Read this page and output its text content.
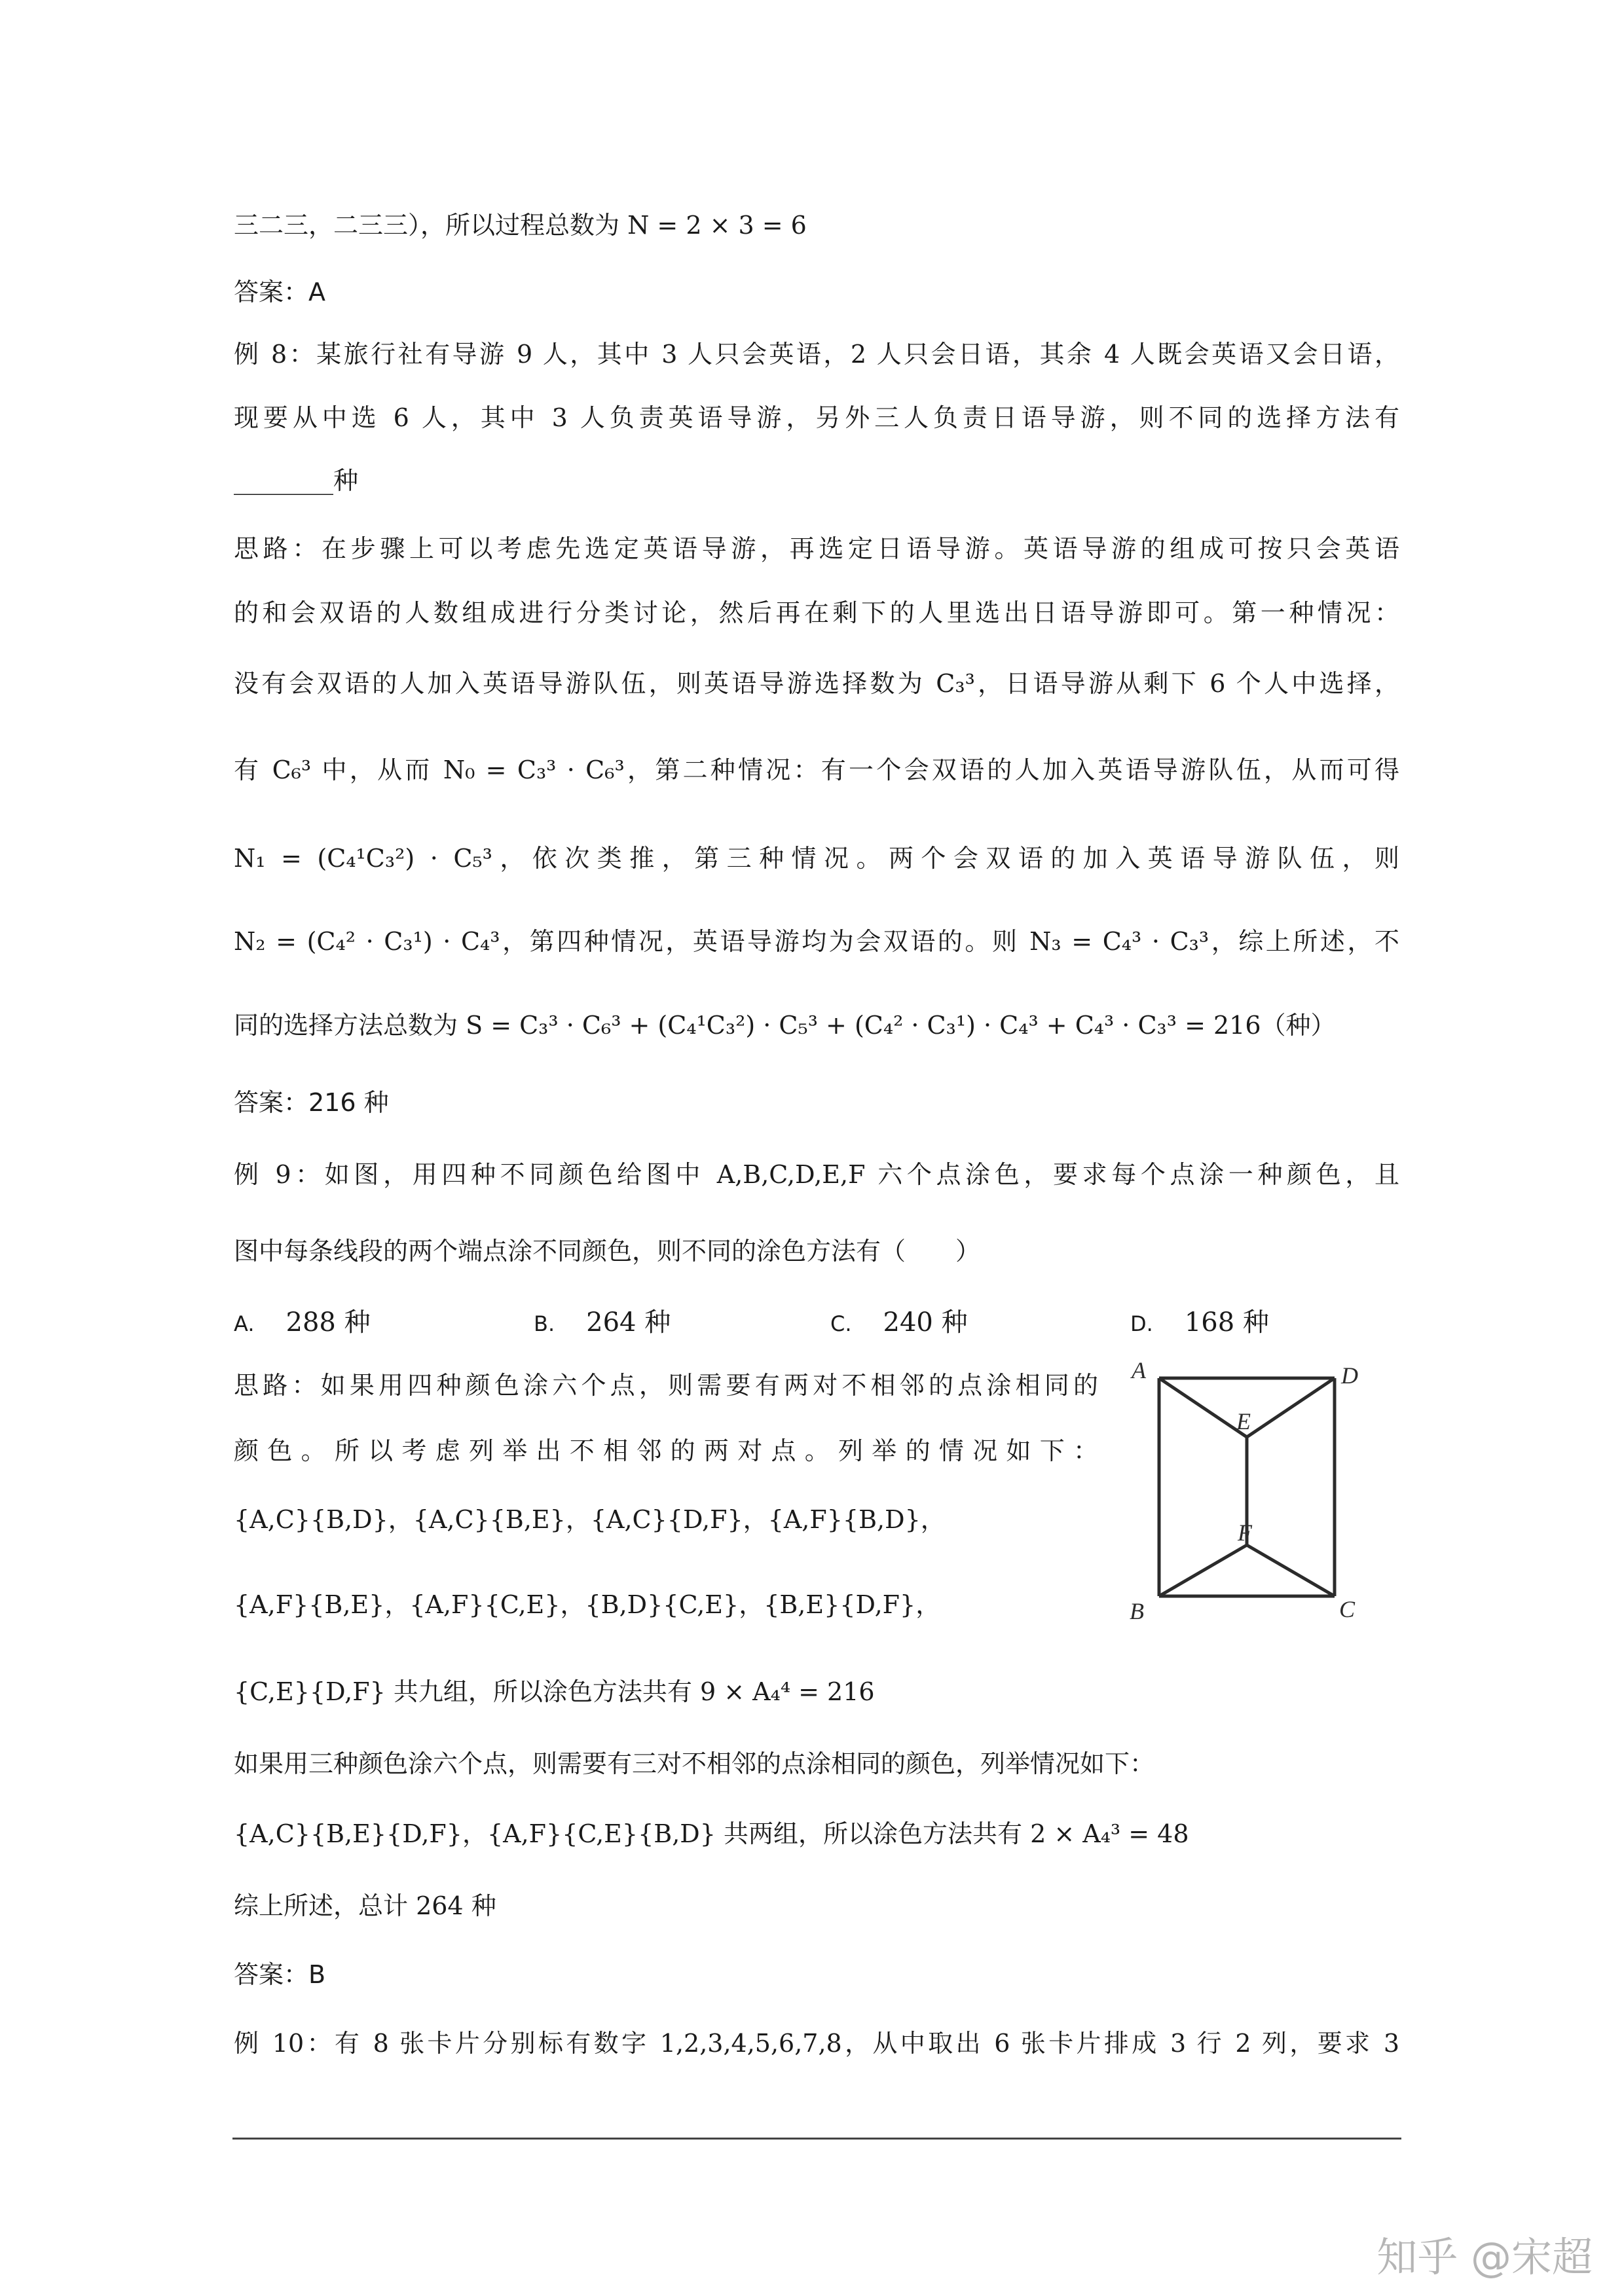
三二三，二三三），所以过程总数为 N = 2 × 3 = 6
答案：A
例 8：某旅行社有导游 9 人，其中 3 人只会英语，2 人只会日语，其余 4 人既会英语又会日语，
现要从中选 6 人，其中 3 人负责英语导游，另外三人负责日语导游，则不同的选择方法有
________种
思路：在步骤上可以考虑先选定英语导游，再选定日语导游。英语导游的组成可按只会英语
的和会双语的人数组成进行分类讨论，然后再在剩下的人里选出日语导游即可。第一种情况：
没有会双语的人加入英语导游队伍，则英语导游选择数为 C₃³，日语导游从剩下 6 个人中选择，
有 C₆³ 中，从而 N₀ = C₃³ · C₆³，第二种情况：有一个会双语的人加入英语导游队伍，从而可得
N₁ = (C₄¹C₃²) · C₅³，依次类推，第三种情况。两个会双语的加入英语导游队伍，则
N₂ = (C₄² · C₃¹) · C₄³，第四种情况，英语导游均为会双语的。则 N₃ = C₄³ · C₃³，综上所述，不
同的选择方法总数为 S = C₃³ · C₆³ + (C₄¹C₃²) · C₅³ + (C₄² · C₃¹) · C₄³ + C₄³ · C₃³ = 216（种）
答案：216 种
例 9：如图，用四种不同颜色给图中 A,B,C,D,E,F 六个点涂色，要求每个点涂一种颜色，且
图中每条线段的两个端点涂不同颜色，则不同的涂色方法有（　　）
A. 288 种	B. 264 种	C. 240 种	D. 168 种
思路：如果用四种颜色涂六个点，则需要有两对不相邻的点涂相同的
颜色。所以考虑列举出不相邻的两对点。列举的情况如下：
{A,C}{B,D}，{A,C}{B,E}，{A,C}{D,F}，{A,F}{B,D}，
{A,F}{B,E}，{A,F}{C,E}，{B,D}{C,E}，{B,E}{D,F}，
{C,E}{D,F} 共九组，所以涂色方法共有 9 × A₄⁴ = 216
如果用三种颜色涂六个点，则需要有三对不相邻的点涂相同的颜色，列举情况如下：
{A,C}{B,E}{D,F}，{A,F}{C,E}{B,D} 共两组，所以涂色方法共有 2 × A₄³ = 48
综上所述，总计 264 种
答案：B
例 10：有 8 张卡片分别标有数字 1,2,3,4,5,6,7,8，从中取出 6 张卡片排成 3 行 2 列，要求 3
A	D
E
F
B	C
知乎 @宋超
